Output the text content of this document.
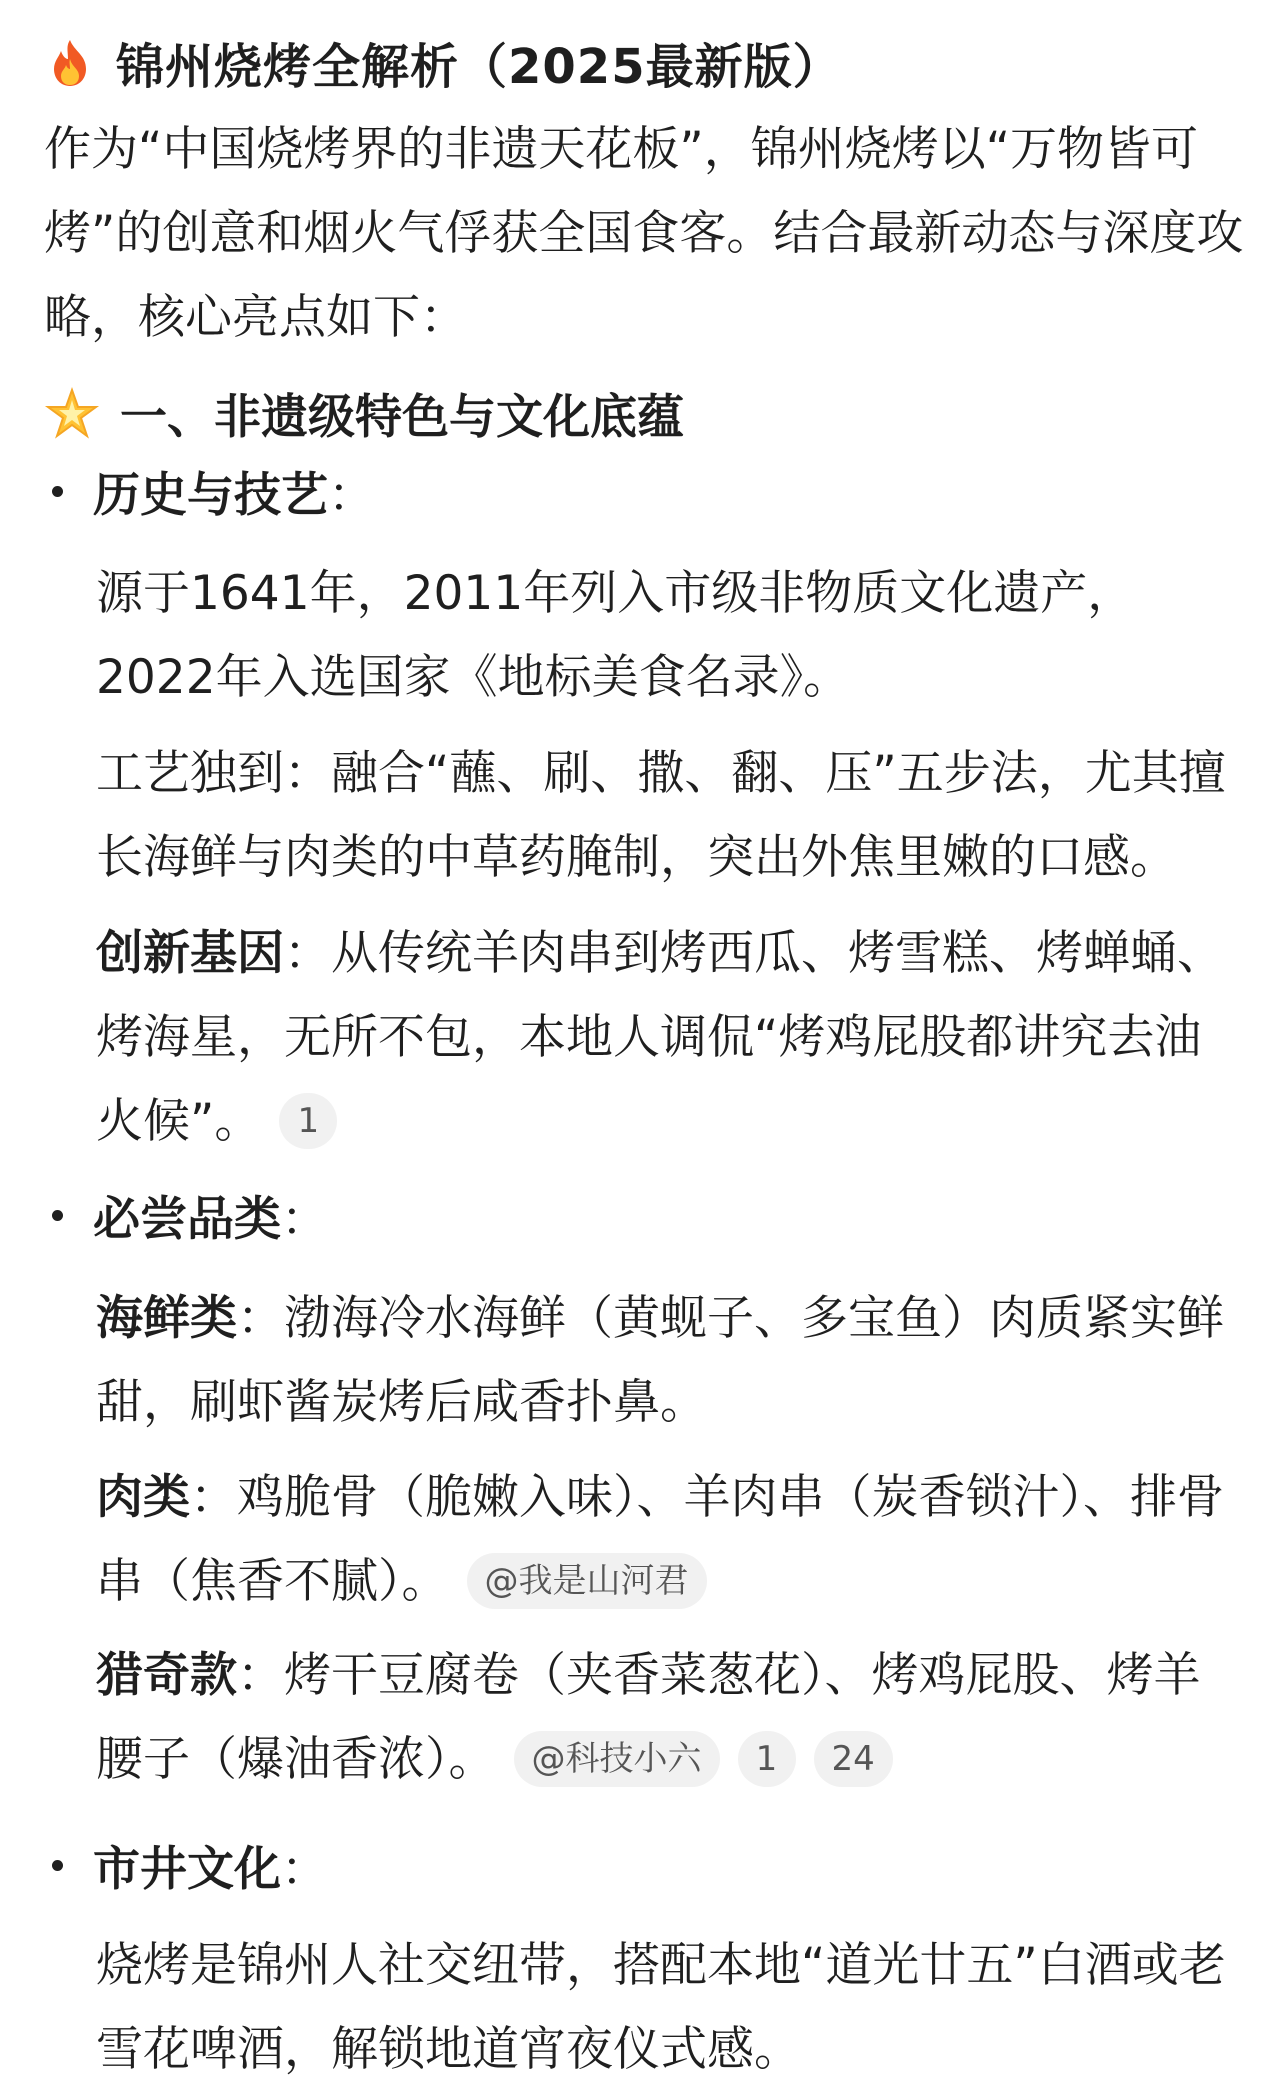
锦州烧烤全解析（2025最新版）
作为“中国烧烤界的非遗天花板”，锦州烧烤以“万物皆可烤”的创意和烟火气俘获全国食客。结合最新动态与深度攻略，核心亮点如下：
一、非遗级特色与文化底蕴
历史与技艺 ：
源于1641年，2011年列入市级非物质文化遗产，2022年入选国家《地标美食名录》。
工艺独到：融合“蘸、刷、撒、翻、压”五步法，尤其擅长海鲜与肉类的中草药腌制，突出外焦里嫩的口感。
创新基因：从传统羊肉串到烤西瓜、烤雪糕、烤蝉蛹、烤海星，无所不包，本地人调侃“烤鸡屁股都讲究去油火候”。 1
必尝品类 ：
海鲜类：渤海冷水海鲜（黄蚬子、多宝鱼）肉质紧实鲜甜，刷虾酱炭烤后咸香扑鼻。
肉类：鸡脆骨（脆嫩入味）、羊肉串（炭香锁汁）、排骨串（焦香不腻）。 @我是山河君
猎奇款：烤干豆腐卷（夹香菜葱花）、烤鸡屁股、烤羊腰子（爆油香浓）。 @科技小六 1 24
市井文化 ：
烧烤是锦州人社交纽带，搭配本地“道光廿五”白酒或老雪花啤酒，解锁地道宵夜仪式感。
